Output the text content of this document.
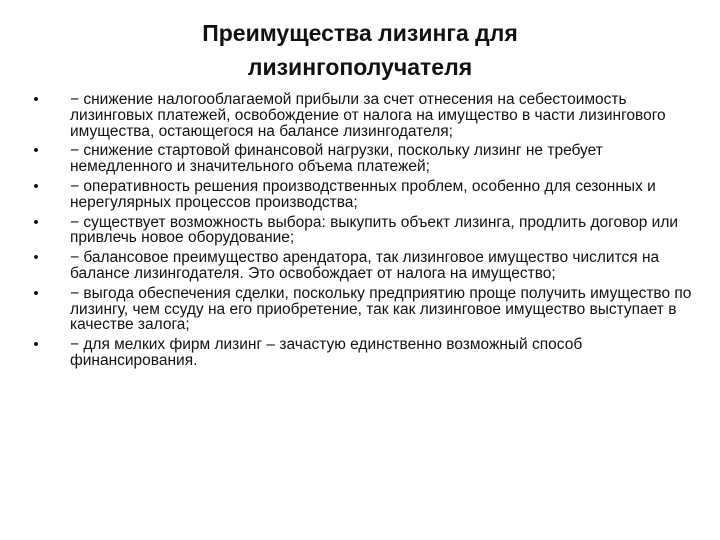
Преимущества лизинга для
лизингополучателя
• − снижение налогооблагаемой прибыли за счет отнесения на себестоимость лизинговых платежей, освобождение от налога на имущество в части лизингового имущества, остающегося на балансе лизингодателя;
• − снижение стартовой финансовой нагрузки, поскольку лизинг не требует немедленного и значительного объема платежей;
• − оперативность решения производственных проблем, особенно для сезонных и нерегулярных процессов производства;
• − существует возможность выбора: выкупить объект лизинга, продлить договор или привлечь новое оборудование;
• − балансовое преимущество арендатора, так лизинговое имущество числится на балансе лизингодателя. Это освобождает от налога на имущество;
• − выгода обеспечения сделки, поскольку предприятию проще получить имущество по лизингу, чем ссуду на его приобретение, так как лизинговое имущество выступает в качестве залога;
• − для мелких фирм лизинг – зачастую единственно возможный способ финансирования.
